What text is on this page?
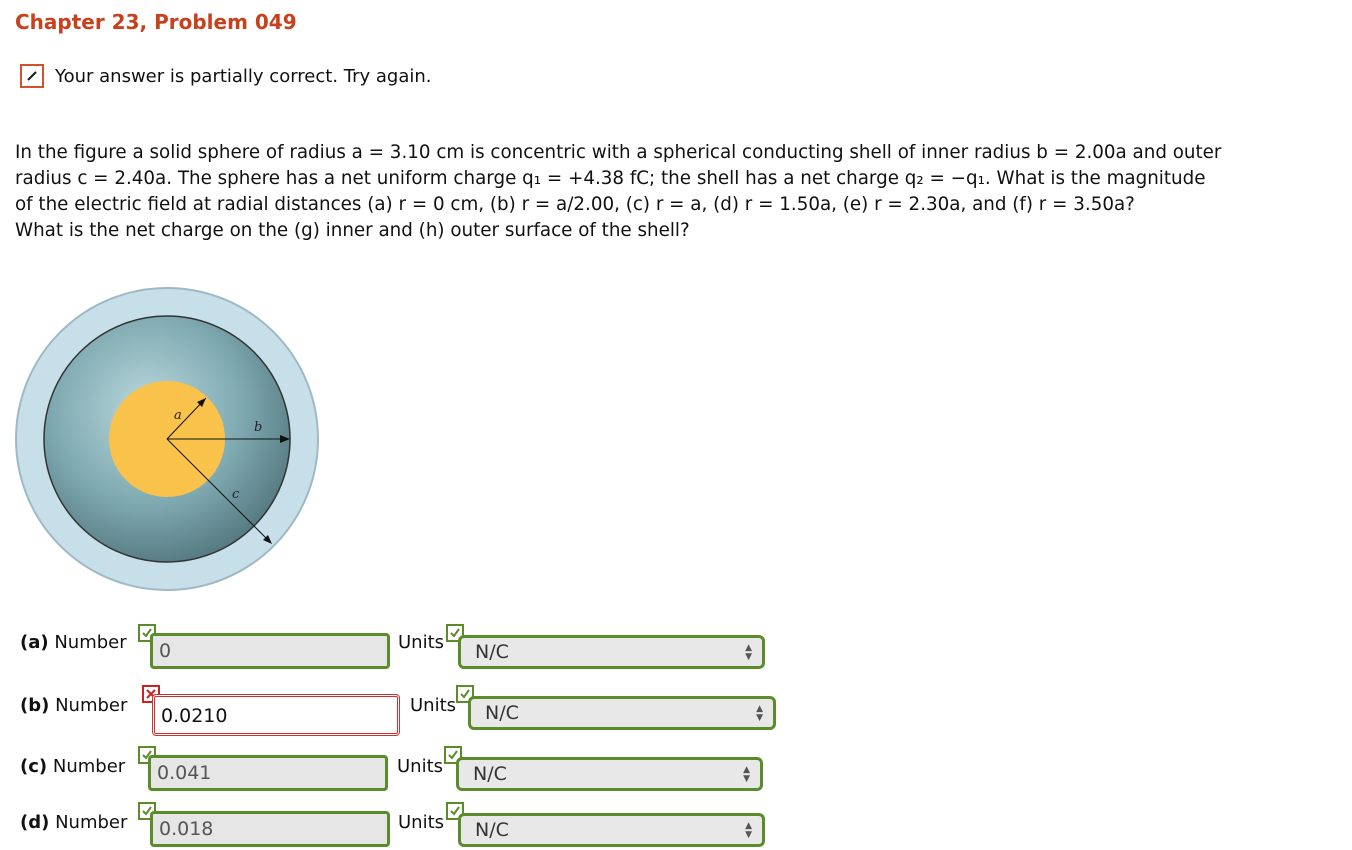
Chapter 23, Problem 049
Your answer is partially correct. Try again.
In the figure a solid sphere of radius a = 3.10 cm is concentric with a spherical conducting shell of inner radius b = 2.00a and outer
radius c = 2.40a. The sphere has a net uniform charge q₁ = +4.38 fC; the shell has a net charge q₂ = −q₁. What is the magnitude
of the electric field at radial distances (a) r = 0 cm, (b) r = a/2.00, (c) r = a, (d) r = 1.50a, (e) r = 2.30a, and (f) r = 3.50a?
What is the net charge on the (g) inner and (h) outer surface of the shell?
a
b
c
(a) Number	0	Units	N/C	▲
▼
(b) Number	0.0210	Units	N/C	▲
▼
(c) Number	0.041	Units	N/C	▲
▼
(d) Number	0.018	Units	N/C	▲
▼
